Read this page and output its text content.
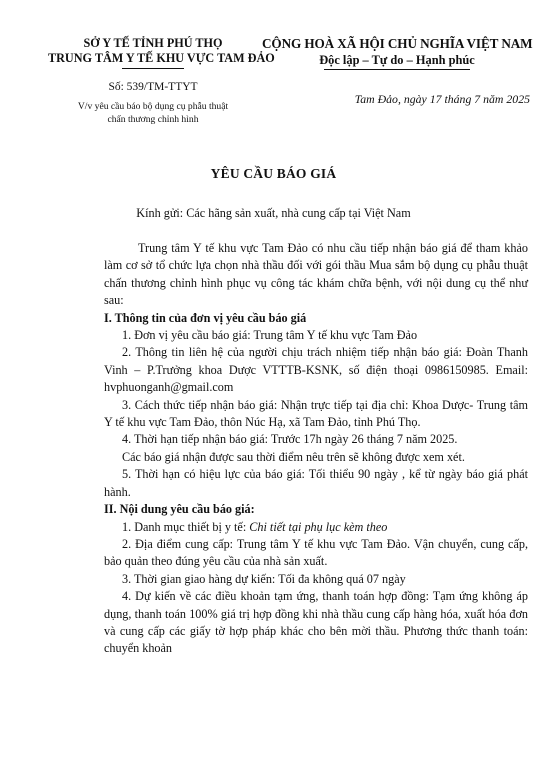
SỞ Y TẾ TỈNH PHÚ THỌ
TRUNG TÂM Y TẾ KHU VỰC TAM ĐẢO
CỘNG HOÀ XÃ HỘI CHỦ NGHĨA VIỆT NAM
Độc lập – Tự do – Hạnh phúc
Số: 539/TM-TTYT
V/v yêu cầu báo bộ dụng cụ phẫu thuật
chấn thương chỉnh hình
Tam Đảo, ngày 17 tháng 7 năm 2025
YÊU CẦU BÁO GIÁ
Kính gửi: Các hãng sản xuất, nhà cung cấp tại Việt Nam

Trung tâm Y tế khu vực Tam Đảo có nhu cầu tiếp nhận báo giá để tham khảo làm cơ sở tổ chức lựa chọn nhà thầu đối với gói thầu Mua sắm bộ dụng cụ phẫu thuật chấn thương chỉnh hình phục vụ công tác khám chữa bệnh, với nội dung cụ thể như sau:

I. Thông tin của đơn vị yêu cầu báo giá

1. Đơn vị yêu cầu báo giá: Trung tâm Y tế khu vực Tam Đảo

2. Thông tin liên hệ của người chịu trách nhiệm tiếp nhận báo giá: Đoàn Thanh Vinh – P.Trưởng khoa Dược VTTTB-KSNK, số điện thoại 0986150985. Email: hvphuonganh@gmail.com

3. Cách thức tiếp nhận báo giá: Nhận trực tiếp tại địa chỉ: Khoa Dược- Trung tâm Y tế khu vực Tam Đảo, thôn Núc Hạ, xã Tam Đảo, tỉnh Phú Thọ.

4. Thời hạn tiếp nhận báo giá: Trước 17h ngày 26 tháng 7 năm 2025.

Các báo giá nhận được sau thời điểm nêu trên sẽ không được xem xét.

5. Thời hạn có hiệu lực của báo giá: Tối thiểu 90 ngày , kể từ ngày báo giá phát hành.

II. Nội dung yêu cầu báo giá:

1. Danh mục thiết bị y tế: Chi tiết tại phụ lục kèm theo

2. Địa điểm cung cấp: Trung tâm Y tế khu vực Tam Đảo. Vận chuyển, cung cấp, bảo quản theo đúng yêu cầu của nhà sản xuất.

3. Thời gian giao hàng dự kiến: Tối đa không quá 07 ngày

4. Dự kiến về các điều khoản tạm ứng, thanh toán hợp đồng: Tạm ứng không áp dụng, thanh toán 100% giá trị hợp đồng khi nhà thầu cung cấp hàng hóa, xuất hóa đơn và cung cấp các giấy tờ hợp pháp khác cho bên mời thầu. Phương thức thanh toán: chuyển khoản
